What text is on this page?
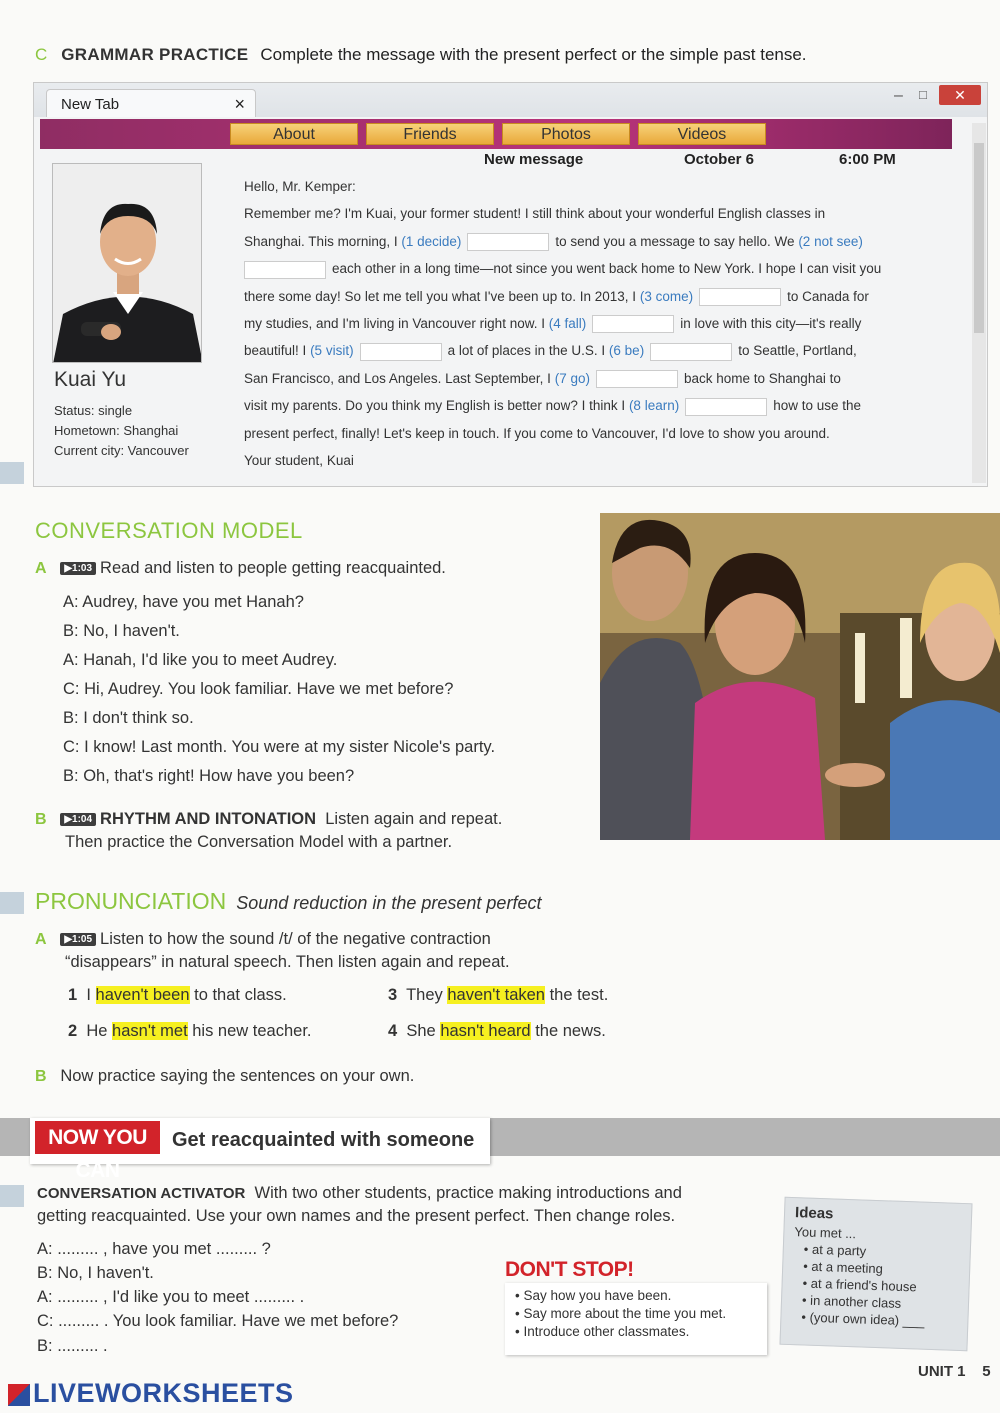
C GRAMMAR PRACTICE Complete the message with the present perfect or the simple past tense.
New Tab	×	– □	✕
About	Friends	Photos	Videos
Kuai Yu
Status: single
Hometown: Shanghai
Current city: Vancouver
New message	October 6	6:00 PM
Hello, Mr. Kemper:
Remember me? I'm Kuai, your former student! I still think about your wonderful English classes in
Shanghai. This morning, I (1 decide)	to send you a message to say hello. We (2 not see)
each other in a long time—not since you went back home to New York. I hope I can visit you
there some day! So let me tell you what I've been up to. In 2013, I (3 come)	to Canada for
my studies, and I'm living in Vancouver right now. I (4 fall)	in love with this city—it's really
beautiful! I (5 visit)	a lot of places in the U.S. I (6 be)	to Seattle, Portland,
San Francisco, and Los Angeles. Last September, I (7 go)	back home to Shanghai to
visit my parents. Do you think my English is better now? I think I (8 learn)	how to use the
present perfect, finally! Let's keep in touch. If you come to Vancouver, I'd love to show you around.
Your student, Kuai
CONVERSATION MODEL
A ▶1:03 Read and listen to people getting reacquainted.
A: Audrey, have you met Hanah?
B: No, I haven't.
A: Hanah, I'd like you to meet Audrey.
C: Hi, Audrey. You look familiar. Have we met before?
B: I don't think so.
C: I know! Last month. You were at my sister Nicole's party.
B: Oh, that's right! How have you been?
B ▶1:04 RHYTHM AND INTONATION Listen again and repeat.
Then practice the Conversation Model with a partner.
PRONUNCIATION Sound reduction in the present perfect
A ▶1:05 Listen to how the sound /t/ of the negative contraction
“disappears” in natural speech. Then listen again and repeat.
1 I haven't been to that class.
2 He hasn't met his new teacher.
3 They haven't taken the test.
4 She hasn't heard the news.
B Now practice saying the sentences on your own.
NOW YOU CAN
Get reacquainted with someone
CONVERSATION ACTIVATOR With two other students, practice making introductions and
getting reacquainted. Use your own names and the present perfect. Then change roles.
A: ......... , have you met ......... ?
B: No, I haven't.
A: ......... , I'd like you to meet ......... .
C: ......... . You look familiar. Have we met before?
B: ......... .
DON'T STOP!
• Say how you have been.
• Say more about the time you met.
• Introduce other classmates.
Ideas
You met ...
• at a party
• at a meeting
• at a friend's house
• in another class
• (your own idea) ___
UNIT 1 5
LIVEWORKSHEETS
